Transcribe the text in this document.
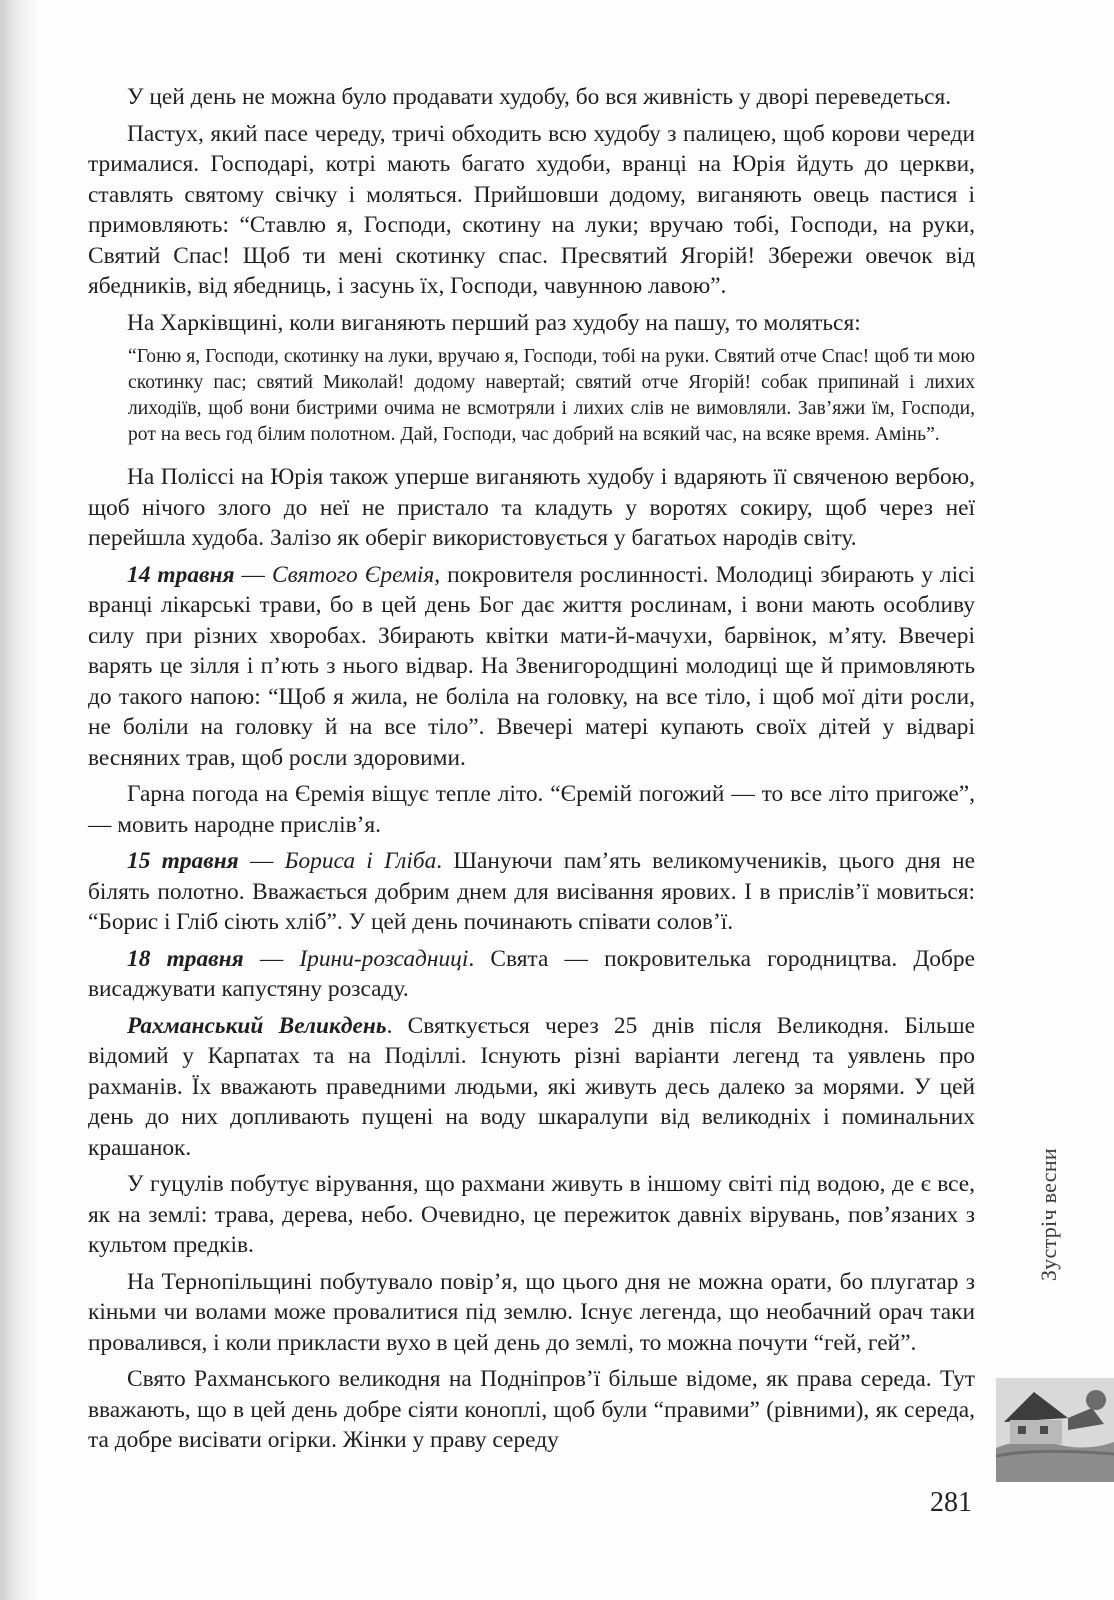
У цей день не можна було продавати худобу, бо вся живність у дворі переведеться.

Пастух, який пасе череду, тричі обходить всю худобу з палицею, щоб корови череди трималися. Господарі, котрі мають багато худоби, вранці на Юрія йдуть до церкви, ставлять святому свічку і моляться. Прийшовши додому, виганяють овець пастися і примовляють: “Ставлю я, Господи, скотину на луки; вручаю тобі, Господи, на руки, Святий Спас! Щоб ти мені скотинку спас. Пресвятий Ягорій! Збережи овечок від ябедників, від ябедниць, і засунь їх, Господи, чавунною лавою”.

На Харківщині, коли виганяють перший раз худобу на пашу, то моляться:

“Гоню я, Господи, скотинку на луки, вручаю я, Господи, тобі на руки. Святий отче Спас! щоб ти мою скотинку пас; святий Миколай! додому навертай; святий отче Ягорій! собак припинай і лихих лиходіїв, щоб вони бистрими очима не всмотряли і лихих слів не вимовляли. Зав’яжи їм, Господи, рот на весь год білим полотном. Дай, Господи, час добрий на всякий час, на всяке время. Амінь”.

На Поліссі на Юрія також уперше виганяють худобу і вдаряють її свяченою вербою, щоб нічого злого до неї не пристало та кладуть у воротях сокиру, щоб через неї перейшла худоба. Залізо як оберіг використовується у багатьох народів світу.

14 травня — Святого Єремія, покровителя рослинності. Молодиці збирають у лісі вранці лікарські трави, бо в цей день Бог дає життя рослинам, і вони мають особливу силу при різних хворобах. Збирають квітки мати-й-мачухи, барвінок, м’яту. Ввечері варять це зілля і п’ють з нього відвар. На Звенигородщині молодиці ще й примовляють до такого напою: “Щоб я жила, не боліла на головку, на все тіло, і щоб мої діти росли, не боліли на головку й на все тіло”. Ввечері матері купають своїх дітей у відварі весняних трав, щоб росли здоровими.

Гарна погода на Єремія віщує тепле літо. “Єремій погожий — то все літо пригоже”, — мовить народне прислів’я.

15 травня — Бориса і Гліба. Шануючи пам’ять великомучеників, цього дня не білять полотно. Вважається добрим днем для висівання ярових. І в прислів’ї мовиться: “Борис і Гліб сіють хліб”. У цей день починають співати солов’ї.

18 травня — Ірини-розсадниці. Свята — покровителька городництва. Добре висаджувати капустяну розсаду.

Рахманський Великдень. Святкується через 25 днів після Великодня. Більше відомий у Карпатах та на Поділлі. Існують різні варіанти легенд та уявлень про рахманів. Їх вважають праведними людьми, які живуть десь далеко за морями. У цей день до них допливають пущені на воду шкаралупи від великодніх і поминальних крашанок.

У гуцулів побутує вірування, що рахмани живуть в іншому світі під водою, де є все, як на землі: трава, дерева, небо. Очевидно, це пережиток давніх вірувань, пов’язаних з культом предків.

На Тернопільщині побутувало повір’я, що цього дня не можна орати, бо плугатар з кіньми чи волами може провалитися під землю. Існує легенда, що необачний орач таки провалився, і коли прикласти вухо в цей день до землі, то можна почути “гей, гей”.

Свято Рахманського великодня на Подніпров’ї більше відоме, як права середа. Тут вважають, що в цей день добре сіяти коноплі, щоб були “правими” (рівними), як середа, та добре висівати огірки. Жінки у праву середу

Зустріч весни
281
